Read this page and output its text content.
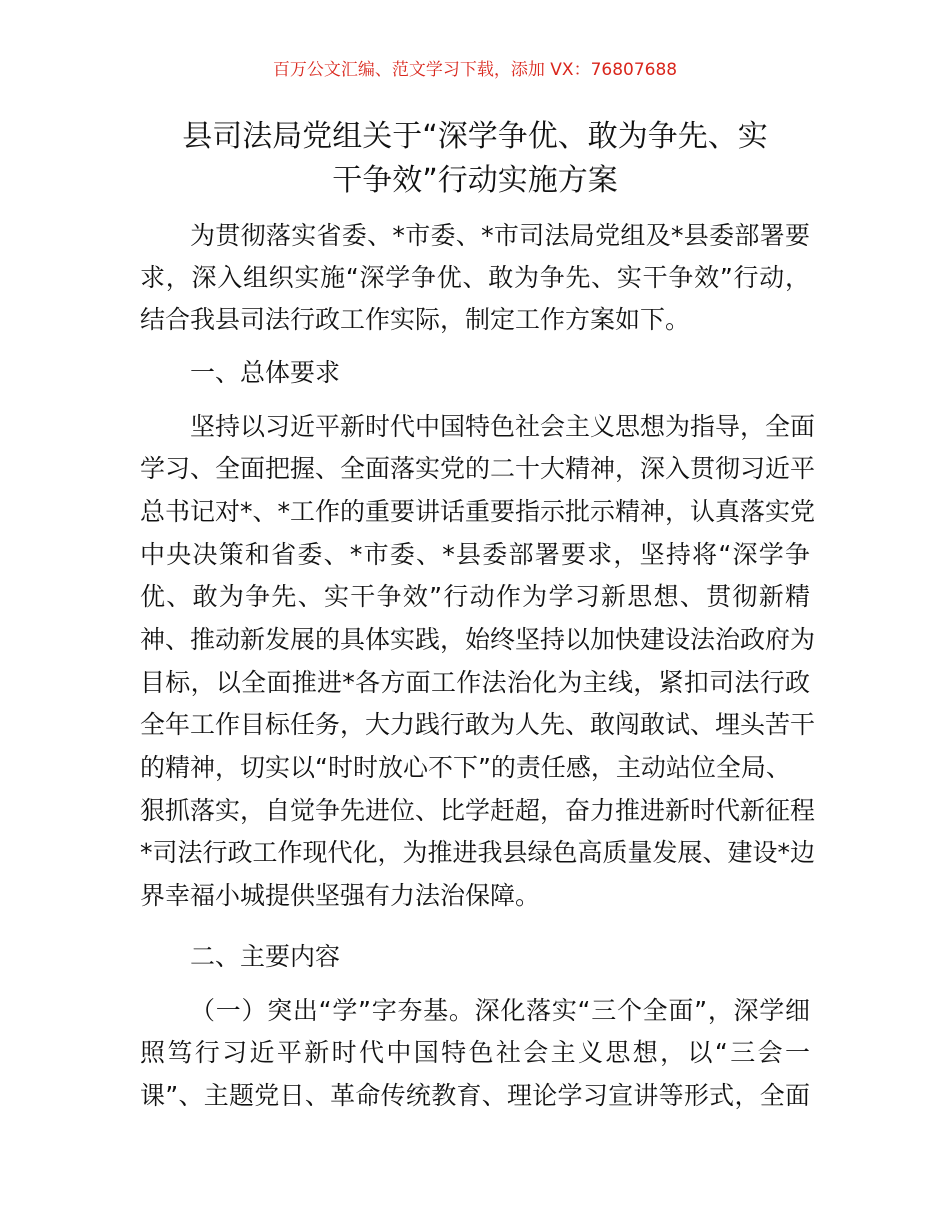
百万公文汇编、范文学习下载，添加 VX：76807688
县司法局党组关于“深学争优、敢为争先、实
干争效”行动实施方案
为贯彻落实省委、*市委、*市司法局党组及*县委部署要
求，深入组织实施“深学争优、敢为争先、实干争效”行动，
结合我县司法行政工作实际，制定工作方案如下。
一、总体要求
坚持以习近平新时代中国特色社会主义思想为指导，全面
学习、全面把握、全面落实党的二十大精神，深入贯彻习近平
总书记对*、*工作的重要讲话重要指示批示精神，认真落实党
中央决策和省委、*市委、*县委部署要求，坚持将“深学争
优、敢为争先、实干争效”行动作为学习新思想、贯彻新精
神、推动新发展的具体实践，始终坚持以加快建设法治政府为
目标，以全面推进*各方面工作法治化为主线，紧扣司法行政
全年工作目标任务，大力践行敢为人先、敢闯敢试、埋头苦干
的精神，切实以“时时放心不下”的责任感，主动站位全局、
狠抓落实，自觉争先进位、比学赶超，奋力推进新时代新征程
*司法行政工作现代化，为推进我县绿色高质量发展、建设*边
界幸福小城提供坚强有力法治保障。
二、主要内容
（一）突出“学”字夯基。深化落实“三个全面”，深学细
照笃行习近平新时代中国特色社会主义思想，以“三会一
课”、主题党日、革命传统教育、理论学习宣讲等形式，全面
